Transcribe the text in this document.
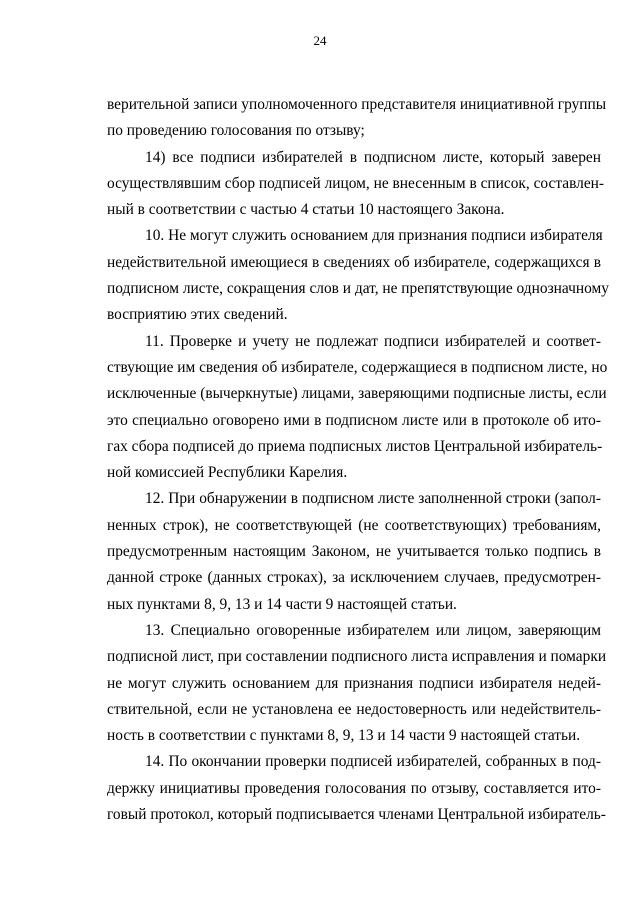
24
верительной записи уполномоченного представителя инициативной группы
по проведению голосования по отзыву;
14) все подписи избирателей в подписном листе, который заверен
осуществлявшим сбор подписей лицом, не внесенным в список, составлен-
ный в соответствии с частью 4 статьи 10 настоящего Закона.
10. Не могут служить основанием для признания подписи избирателя
недействительной имеющиеся в сведениях об избирателе, содержащихся в
подписном листе, сокращения слов и дат, не препятствующие однозначному
восприятию этих сведений.
11. Проверке и учету не подлежат подписи избирателей и соответ-
ствующие им сведения об избирателе, содержащиеся в подписном листе, но
исключенные (вычеркнутые) лицами, заверяющими подписные листы, если
это специально оговорено ими в подписном листе или в протоколе об ито-
гах сбора подписей до приема подписных листов Центральной избиратель-
ной комиссией Республики Карелия.
12. При обнаружении в подписном листе заполненной строки (запол-
ненных строк), не соответствующей (не соответствующих) требованиям,
предусмотренным настоящим Законом, не учитывается только подпись в
данной строке (данных строках), за исключением случаев, предусмотрен-
ных пунктами 8, 9, 13 и 14 части 9 настоящей статьи.
13. Специально оговоренные избирателем или лицом, заверяющим
подписной лист, при составлении подписного листа исправления и помарки
не могут служить основанием для признания подписи избирателя недей-
ствительной, если не установлена ее недостоверность или недействитель-
ность в соответствии с пунктами 8, 9, 13 и 14 части 9 настоящей статьи.
14. По окончании проверки подписей избирателей, собранных в под-
держку инициативы проведения голосования по отзыву, составляется ито-
говый протокол, который подписывается членами Центральной избиратель-
